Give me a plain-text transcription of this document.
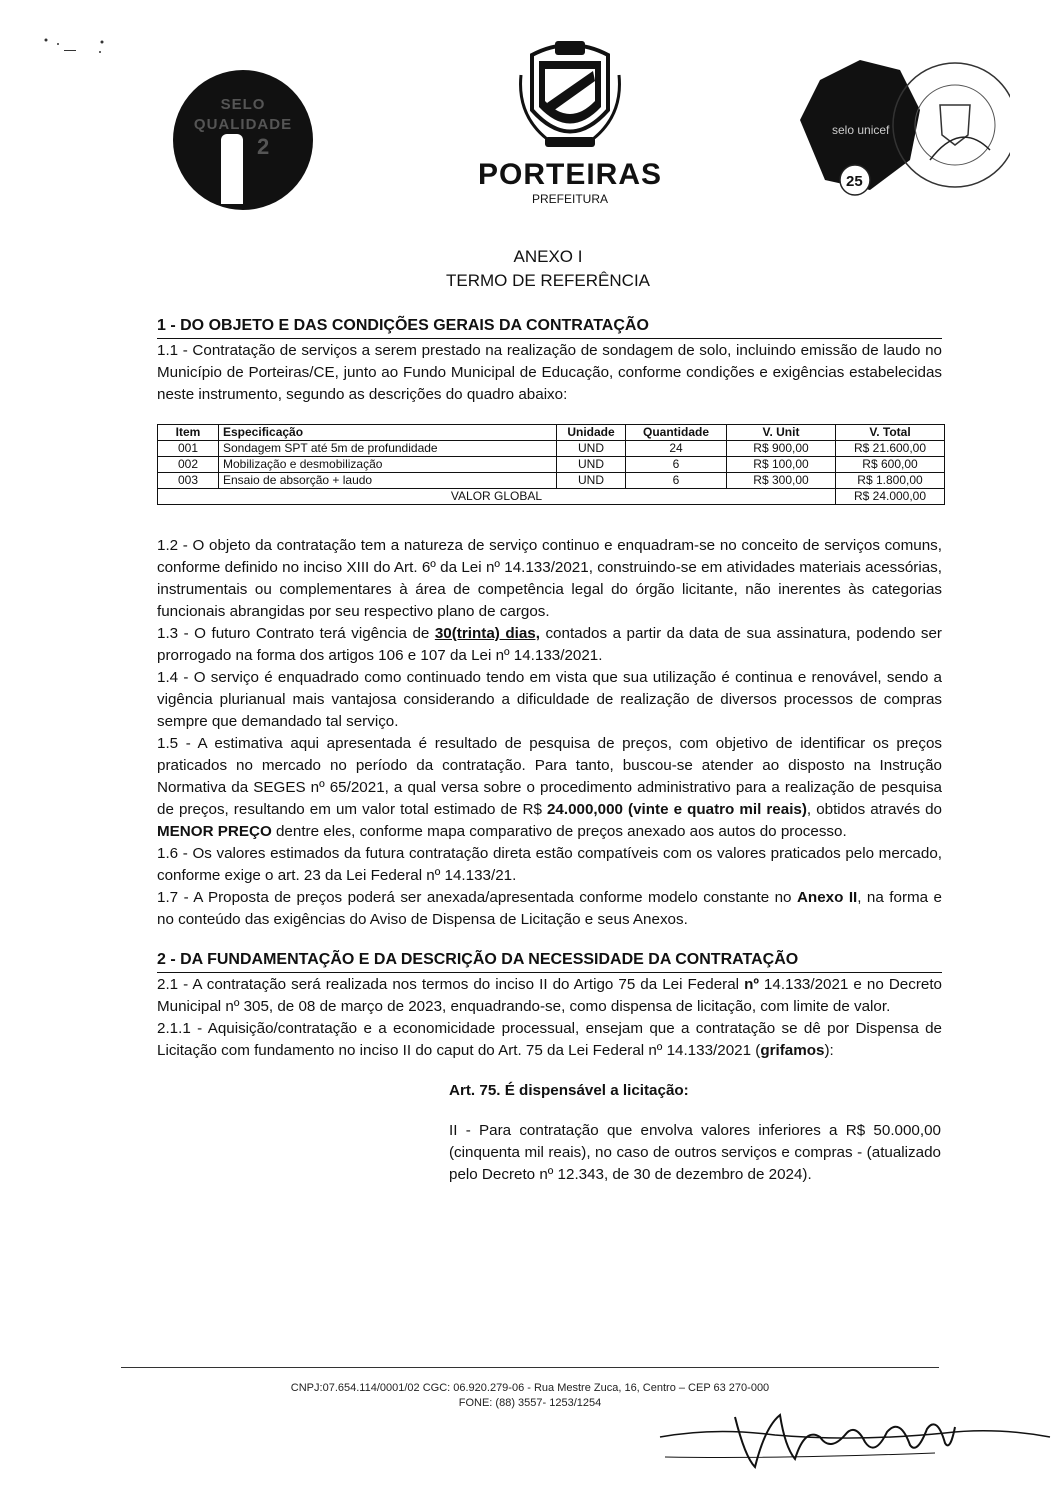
SELO
QUALIDADE
2
PORTEIRAS
PREFEITURA
selo unicef
25
ANEXO I
TERMO DE REFERÊNCIA
1 - DO OBJETO E DAS CONDIÇÕES GERAIS DA CONTRATAÇÃO

1.1 - Contratação de serviços a serem prestado na realização de sondagem de solo, incluindo emissão de laudo no Município de Porteiras/CE, junto ao Fundo Municipal de Educação, conforme condições e exigências estabelecidas neste instrumento, segundo as descrições do quadro abaixo:

Item	Especificação	Unidade	Quantidade	V. Unit	V. Total
001	Sondagem SPT até 5m de profundidade	UND	24	R$ 900,00	R$ 21.600,00
002	Mobilização e desmobilização	UND	6	R$ 100,00	R$ 600,00
003	Ensaio de absorção + laudo	UND	6	R$ 300,00	R$ 1.800,00
VALOR GLOBAL					R$ 24.000,00

1.2 - O objeto da contratação tem a natureza de serviço continuo e enquadram-se no conceito de serviços comuns, conforme definido no inciso XIII do Art. 6º da Lei nº 14.133/2021, construindo-se em atividades materiais acessórias, instrumentais ou complementares à área de competência legal do órgão licitante, não inerentes às categorias funcionais abrangidas por seu respectivo plano de cargos.

1.3 - O futuro Contrato terá vigência de 30(trinta) dias, contados a partir da data de sua assinatura, podendo ser prorrogado na forma dos artigos 106 e 107 da Lei nº 14.133/2021.

1.4 - O serviço é enquadrado como continuado tendo em vista que sua utilização é continua e renovável, sendo a vigência plurianual mais vantajosa considerando a dificuldade de realização de diversos processos de compras sempre que demandado tal serviço.

1.5 - A estimativa aqui apresentada é resultado de pesquisa de preços, com objetivo de identificar os preços praticados no mercado no período da contratação. Para tanto, buscou-se atender ao disposto na Instrução Normativa da SEGES nº 65/2021, a qual versa sobre o procedimento administrativo para a realização de pesquisa de preços, resultando em um valor total estimado de R$ 24.000,000 (vinte e quatro mil reais), obtidos através do MENOR PREÇO dentre eles, conforme mapa comparativo de preços anexado aos autos do processo.

1.6 - Os valores estimados da futura contratação direta estão compatíveis com os valores praticados pelo mercado, conforme exige o art. 23 da Lei Federal nº 14.133/21.

1.7 - A Proposta de preços poderá ser anexada/apresentada conforme modelo constante no Anexo II, na forma e no conteúdo das exigências do Aviso de Dispensa de Licitação e seus Anexos.

2 - DA FUNDAMENTAÇÃO E DA DESCRIÇÃO DA NECESSIDADE DA CONTRATAÇÃO

2.1 - A contratação será realizada nos termos do inciso II do Artigo 75 da Lei Federal nº 14.133/2021 e no Decreto Municipal nº 305, de 08 de março de 2023, enquadrando-se, como dispensa de licitação, com limite de valor.

2.1.1 - Aquisição/contratação e a economicidade processual, ensejam que a contratação se dê por Dispensa de Licitação com fundamento no inciso II do caput do Art. 75 da Lei Federal nº 14.133/2021 (grifamos):

Art. 75. É dispensável a licitação:

II - Para contratação que envolva valores inferiores a R$ 50.000,00 (cinquenta mil reais), no caso de outros serviços e compras - (atualizado pelo Decreto nº 12.343, de 30 de dezembro de 2024).

CNPJ:07.654.114/0001/02 CGC: 06.920.279-06 - Rua Mestre Zuca, 16, Centro – CEP 63 270-000
FONE: (88) 3557- 1253/1254
